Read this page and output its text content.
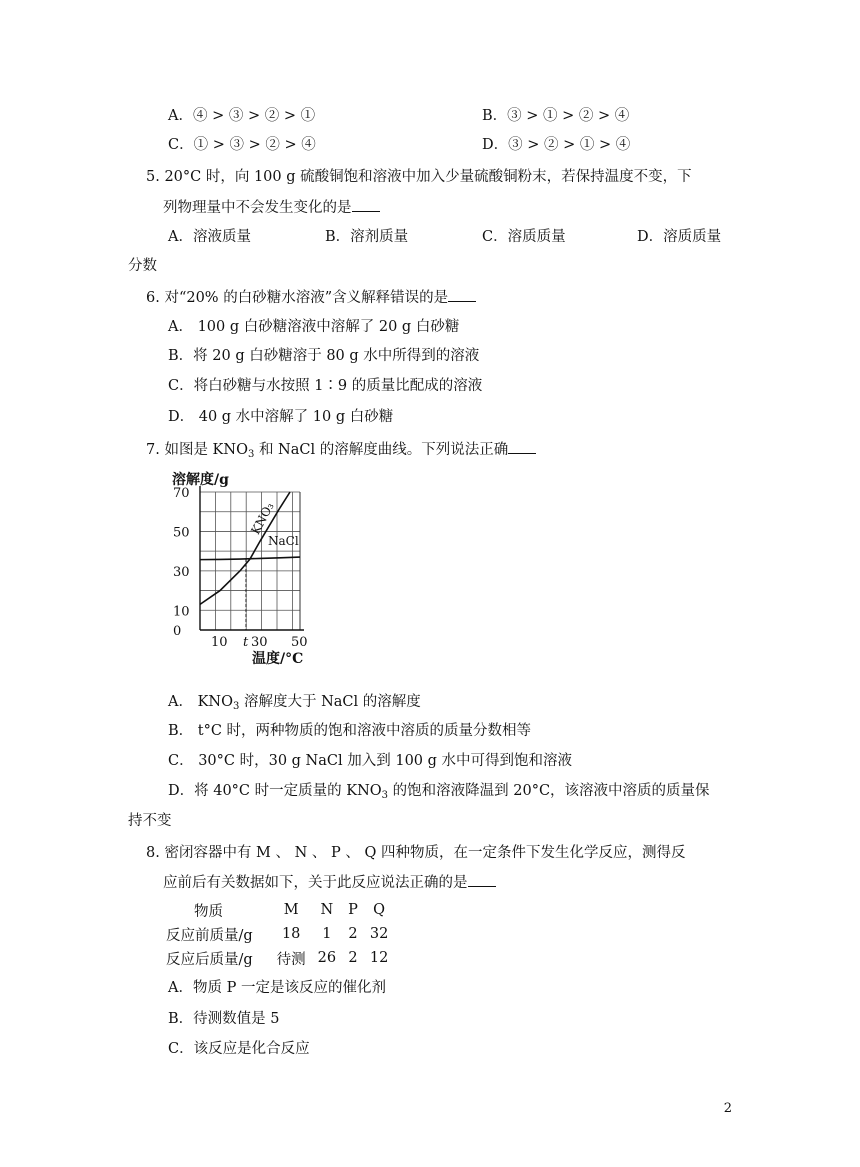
A．④ > ③ > ② > ①	B．③ > ① > ② > ④
C．① > ③ > ② > ④	D．③ > ② > ① > ④
5. 20°C 时，向 100 g 硫酸铜饱和溶液中加入少量硫酸铜粉末，若保持温度不变，下
列物理量中不会发生变化的是
A．溶液质量	B．溶剂质量	C．溶质质量	D．溶质质量
分数
6. 对“20% 的白砂糖水溶液”含义解释错误的是
A． 100 g 白砂糖溶液中溶解了 20 g 白砂糖
B．将 20 g 白砂糖溶于 80 g 水中所得到的溶液
C．将白砂糖与水按照 1∶9 的质量比配成的溶液
D． 40 g 水中溶解了 10 g 白砂糖
7. 如图是 $KNO_3$ 和 NaCl 的溶解度曲线。下列说法正确
溶解度/g
0
10
30
50
70
10 t 30 50
温度/°C
KNO₃
NaCl
A． $KNO_3$ 溶解度大于 NaCl 的溶解度
B． t°C 时，两种物质的饱和溶液中溶质的质量分数相等
C． 30°C 时，30 g NaCl 加入到 100 g 水中可得到饱和溶液
D．将 40°C 时一定质量的 $KNO_3$ 的饱和溶液降温到 20°C，该溶液中溶质的质量保
持不变
8. 密闭容器中有 M 、 N 、 P 、 Q 四种物质，在一定条件下发生化学反应，测得反
应前后有关数据如下，关于此反应说法正确的是
物质	M	N	P	Q
反应前质量/g	18	1	2	32
反应后质量/g	待测	26	2	12
A．物质 P 一定是该反应的催化剂
B．待测数值是 5
C．该反应是化合反应
2
